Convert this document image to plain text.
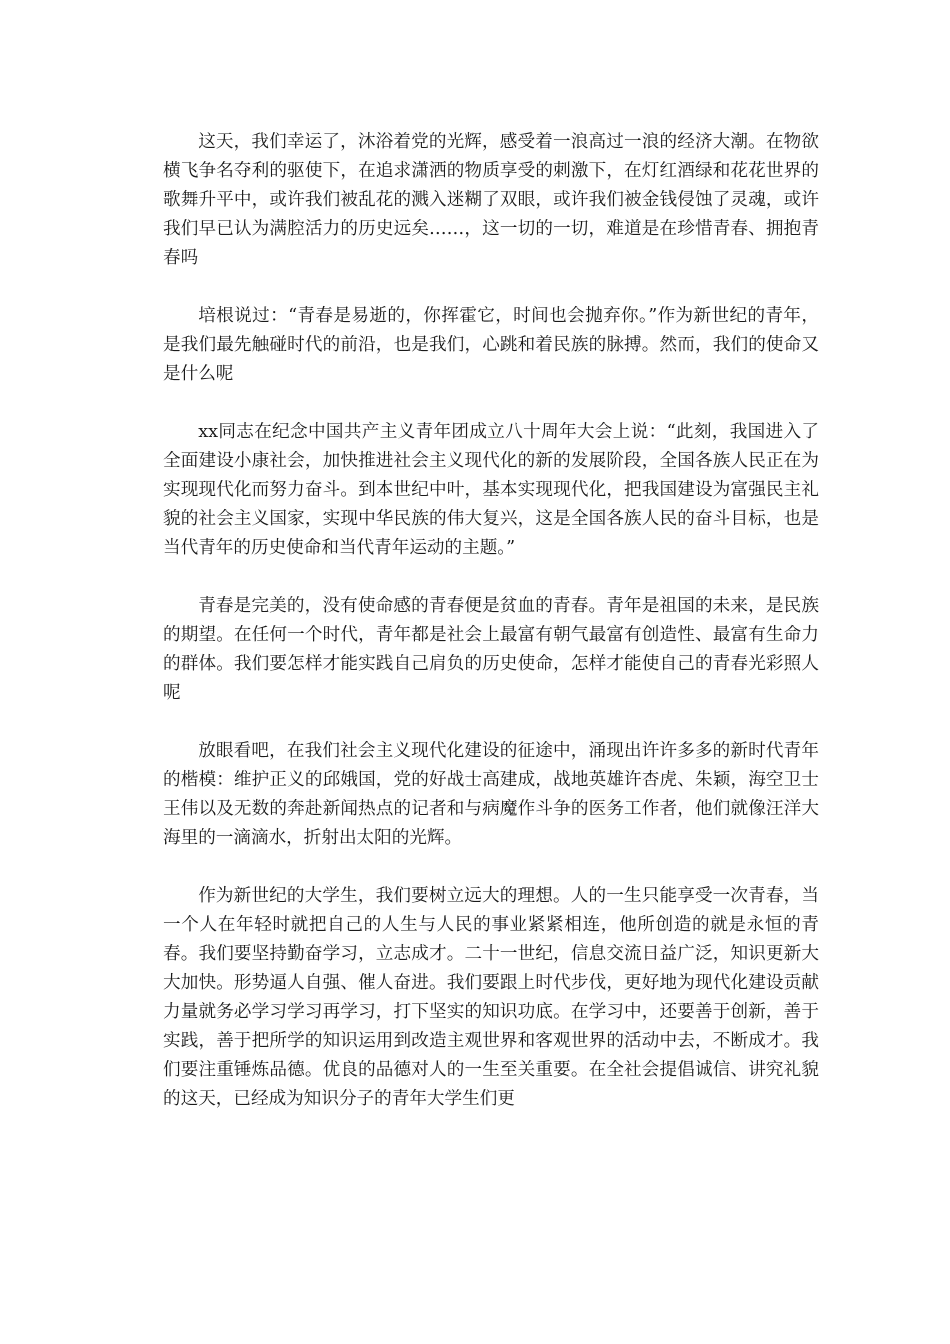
这天，我们幸运了，沐浴着党的光辉，感受着一浪高过一浪的经济大潮。在物欲横飞争名夺利的驱使下，在追求潇洒的物质享受的刺激下，在灯红酒绿和花花世界的歌舞升平中，或许我们被乱花的溅入迷糊了双眼，或许我们被金钱侵蚀了灵魂，或许我们早已认为满腔活力的历史远矣……，这一切的一切，难道是在珍惜青春、拥抱青春吗

培根说过：“青春是易逝的，你挥霍它，时间也会抛弃你。”作为新世纪的青年，是我们最先触碰时代的前沿，也是我们，心跳和着民族的脉搏。然而，我们的使命又是什么呢

xx同志在纪念中国共产主义青年团成立八十周年大会上说：“此刻，我国进入了全面建设小康社会，加快推进社会主义现代化的新的发展阶段，全国各族人民正在为实现现代化而努力奋斗。到本世纪中叶，基本实现现代化，把我国建设为富强民主礼貌的社会主义国家，实现中华民族的伟大复兴，这是全国各族人民的奋斗目标，也是当代青年的历史使命和当代青年运动的主题。”

青春是完美的，没有使命感的青春便是贫血的青春。青年是祖国的未来，是民族的期望。在任何一个时代，青年都是社会上最富有朝气最富有创造性、最富有生命力的群体。我们要怎样才能实践自己肩负的历史使命，怎样才能使自己的青春光彩照人呢

放眼看吧，在我们社会主义现代化建设的征途中，涌现出许许多多的新时代青年的楷模：维护正义的邱娥国，党的好战士高建成，战地英雄许杏虎、朱颖，海空卫士王伟以及无数的奔赴新闻热点的记者和与病魔作斗争的医务工作者，他们就像汪洋大海里的一滴滴水，折射出太阳的光辉。

作为新世纪的大学生，我们要树立远大的理想。人的一生只能享受一次青春，当一个人在年轻时就把自己的人生与人民的事业紧紧相连，他所创造的就是永恒的青春。我们要坚持勤奋学习，立志成才。二十一世纪，信息交流日益广泛，知识更新大大加快。形势逼人自强、催人奋进。我们要跟上时代步伐，更好地为现代化建设贡献力量就务必学习学习再学习，打下坚实的知识功底。在学习中，还要善于创新，善于实践，善于把所学的知识运用到改造主观世界和客观世界的活动中去，不断成才。我们要注重锤炼品德。优良的品德对人的一生至关重要。在全社会提倡诚信、讲究礼貌的这天，已经成为知识分子的青年大学生们更
